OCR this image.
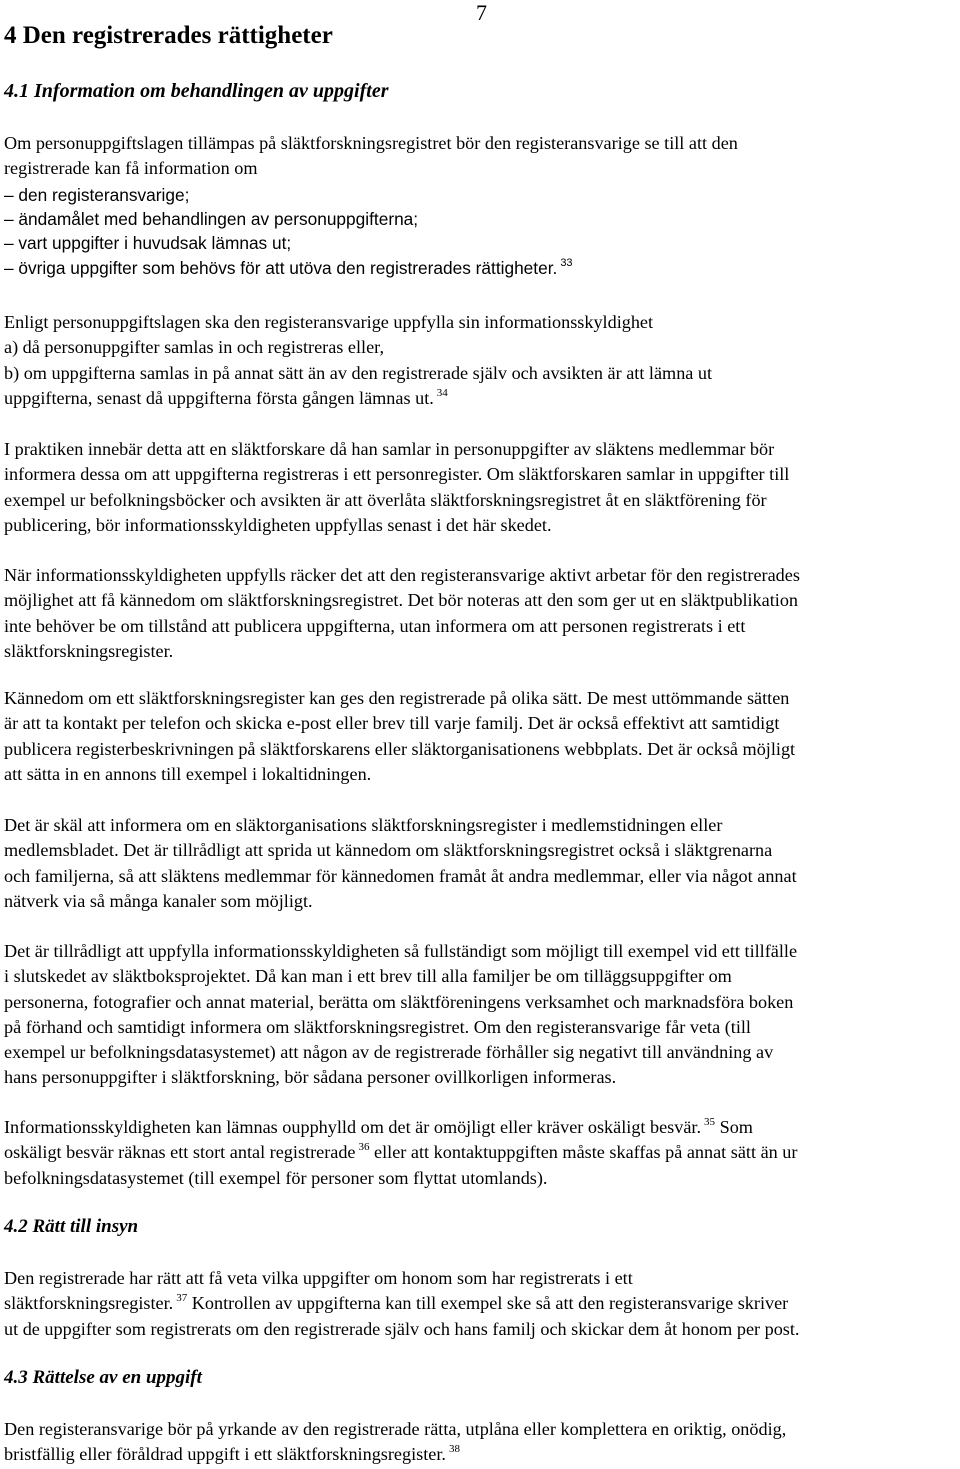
7
4 Den registrerades rättigheter
4.1 Information om behandlingen av uppgifter
Om personuppgiftslagen tillämpas på släktforskningsregistret bör den registeransvarige se till att den
registrerade kan få information om
– den registeransvarige;
– ändamålet med behandlingen av personuppgifterna;
– vart uppgifter i huvudsak lämnas ut;
– övriga uppgifter som behövs för att utöva den registrerades rättigheter. $^{33}$
Enligt personuppgiftslagen ska den registeransvarige uppfylla sin informationsskyldighet
a) då personuppgifter samlas in och registreras eller,
b) om uppgifterna samlas in på annat sätt än av den registrerade själv och avsikten är att lämna ut
uppgifterna, senast då uppgifterna första gången lämnas ut. $^{34}$
I praktiken innebär detta att en släktforskare då han samlar in personuppgifter av släktens medlemmar bör
informera dessa om att uppgifterna registreras i ett personregister. Om släktforskaren samlar in uppgifter till
exempel ur befolkningsböcker och avsikten är att överlåta släktforskningsregistret åt en släktförening för
publicering, bör informationsskyldigheten uppfyllas senast i det här skedet.
När informationsskyldigheten uppfylls räcker det att den registeransvarige aktivt arbetar för den registrerades
möjlighet att få kännedom om släktforskningsregistret. Det bör noteras att den som ger ut en släktpublikation
inte behöver be om tillstånd att publicera uppgifterna, utan informera om att personen registrerats i ett
släktforskningsregister.
Kännedom om ett släktforskningsregister kan ges den registrerade på olika sätt. De mest uttömmande sätten
är att ta kontakt per telefon och skicka e-post eller brev till varje familj. Det är också effektivt att samtidigt
publicera registerbeskrivningen på släktforskarens eller släktorganisationens webbplats. Det är också möjligt
att sätta in en annons till exempel i lokaltidningen.
Det är skäl att informera om en släktorganisations släktforskningsregister i medlemstidningen eller
medlemsbladet. Det är tillrådligt att sprida ut kännedom om släktforskningsregistret också i släktgrenarna
och familjerna, så att släktens medlemmar för kännedomen framåt åt andra medlemmar, eller via något annat
nätverk via så många kanaler som möjligt.
Det är tillrådligt att uppfylla informationsskyldigheten så fullständigt som möjligt till exempel vid ett tillfälle
i slutskedet av släktboksprojektet. Då kan man i ett brev till alla familjer be om tilläggsuppgifter om
personerna, fotografier och annat material, berätta om släktföreningens verksamhet och marknadsföra boken
på förhand och samtidigt informera om släktforskningsregistret. Om den registeransvarige får veta (till
exempel ur befolkningsdatasystemet) att någon av de registrerade förhåller sig negativt till användning av
hans personuppgifter i släktforskning, bör sådana personer ovillkorligen informeras.
Informationsskyldigheten kan lämnas oupphylld om det är omöjligt eller kräver oskäligt besvär. $^{35}$ Som
oskäligt besvär räknas ett stort antal registrerade $^{36}$ eller att kontaktuppgiften måste skaffas på annat sätt än ur
befolkningsdatasystemet (till exempel för personer som flyttat utomlands).
4.2 Rätt till insyn
Den registrerade har rätt att få veta vilka uppgifter om honom som har registrerats i ett
släktforskningsregister. $^{37}$ Kontrollen av uppgifterna kan till exempel ske så att den registeransvarige skriver
ut de uppgifter som registrerats om den registrerade själv och hans familj och skickar dem åt honom per post.
4.3 Rättelse av en uppgift
Den registeransvarige bör på yrkande av den registrerade rätta, utplåna eller komplettera en oriktig, onödig,
bristfällig eller föråldrad uppgift i ett släktforskningsregister. $^{38}$
